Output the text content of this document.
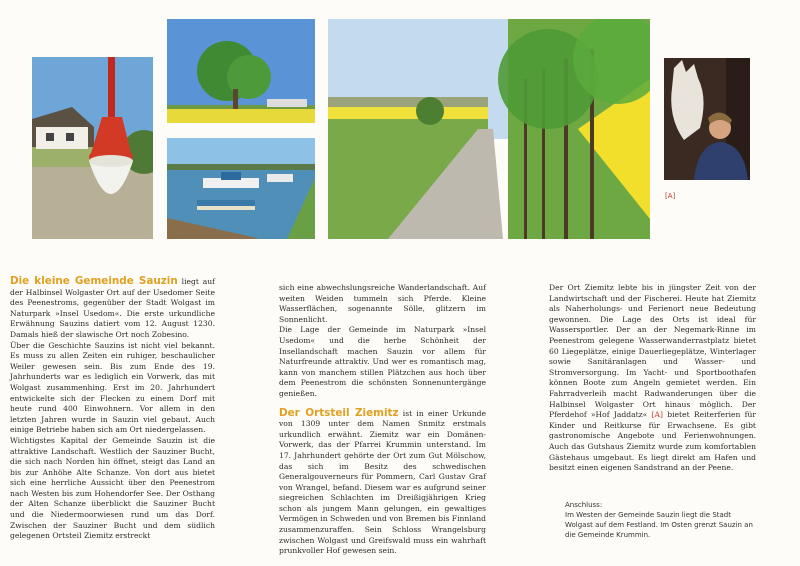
[A]

Die kleine Gemeinde Sauzin liegt auf der Halbinsel Wolgaster Ort auf der Usedomer Seite des Peenestroms, gegenüber der Stadt Wolgast im Naturpark »Insel Usedom«. Die erste urkundliche Erwähnung Sauzins datiert vom 12. August 1230. Damals hieß der slawische Ort noch Zobesino.

Über die Geschichte Sauzins ist nicht viel bekannt. Es muss zu allen Zeiten ein ruhiger, beschaulicher Weiler gewesen sein. Bis zum Ende des 19. Jahrhunderts war es lediglich ein Vorwerk, das mit Wolgast zusammenhing. Erst im 20. Jahrhundert entwickelte sich der Flecken zu einem Dorf mit heute rund 400 Einwohnern. Vor allem in den letzten Jahren wurde in Sauzin viel gebaut. Auch einige Betriebe haben sich am Ort niedergelassen.

Wichtigstes Kapital der Gemeinde Sauzin ist die attraktive Landschaft. Westlich der Sauziner Bucht, die sich nach Norden hin öffnet, steigt das Land an bis zur Anhöhe Alte Schanze. Von dort aus bietet sich eine herrliche Aussicht über den Peenestrom nach Westen bis zum Hohendorfer See. Der Osthang der Alten Schanze überblickt die Sauziner Bucht und die Niedermoorwiesen rund um das Dorf. Zwischen der Sauziner Bucht und dem südlich gelegenen Ortsteil Ziemitz erstreckt

sich eine abwechslungsreiche Wanderlandschaft. Auf weiten Weiden tummeln sich Pferde. Kleine Wasserflächen, sogenannte Sölle, glitzern im Sonnenlicht.

Die Lage der Gemeinde im Naturpark »Insel Usedom« und die herbe Schönheit der Insellandschaft machen Sauzin vor allem für Naturfreunde attraktiv. Und wer es romantisch mag, kann von manchem stillen Plätzchen aus hoch über dem Peenestrom die schönsten Sonnenuntergänge genießen.

Der Ortsteil Ziemitz ist in einer Urkunde von 1309 unter dem Namen Snmitz erstmals urkundlich erwähnt. Ziemitz war ein Domänen-Vorwerk, das der Pfarrei Krummin unterstand. Im 17. Jahrhundert gehörte der Ort zum Gut Mölschow, das sich im Besitz des schwedischen Generalgouverneurs für Pommern, Carl Gustav Graf von Wrangel, befand. Diesem war es aufgrund seiner siegreichen Schlachten im Dreißigjährigen Krieg schon als jungem Mann gelungen, ein gewaltiges Vermögen in Schweden und von Bremen bis Finnland zusammenzuraffen. Sein Schloss Wrangelsburg zwischen Wolgast und Greifswald muss ein wahrhaft prunkvoller Hof gewesen sein.

Der Ort Ziemitz lebte bis in jüngster Zeit von der Landwirtschaft und der Fischerei. Heute hat Ziemitz als Naherholungs- und Ferienort neue Bedeutung gewonnen. Die Lage des Orts ist ideal für Wassersportler. Der an der Negemark-Rinne im Peenestrom gelegene Wasserwanderrastplatz bietet 60 Liegeplätze, einige Dauerliegeplätze, Winterlager sowie Sanitäranlagen und Wasser- und Stromversorgung. Im Yacht- und Sportboothafen können Boote zum Angeln gemietet werden. Ein Fahrradverleih macht Radwanderungen über die Halbinsel Wolgaster Ort hinaus möglich. Der Pferdehof »Hof Jaddatz« [A] bietet Reiterferien für Kinder und Reitkurse für Erwachsene. Es gibt gastronomische Angebote und Ferienwohnungen. Auch das Gutshaus Ziemitz wurde zum komfortablen Gästehaus umgebaut. Es liegt direkt am Hafen und besitzt einen eigenen Sandstrand an der Peene.

Anschluss:
Im Westen der Gemeinde Sauzin liegt die Stadt Wolgast auf dem Festland. Im Osten grenzt Sauzin an die Gemeinde Krummin.
